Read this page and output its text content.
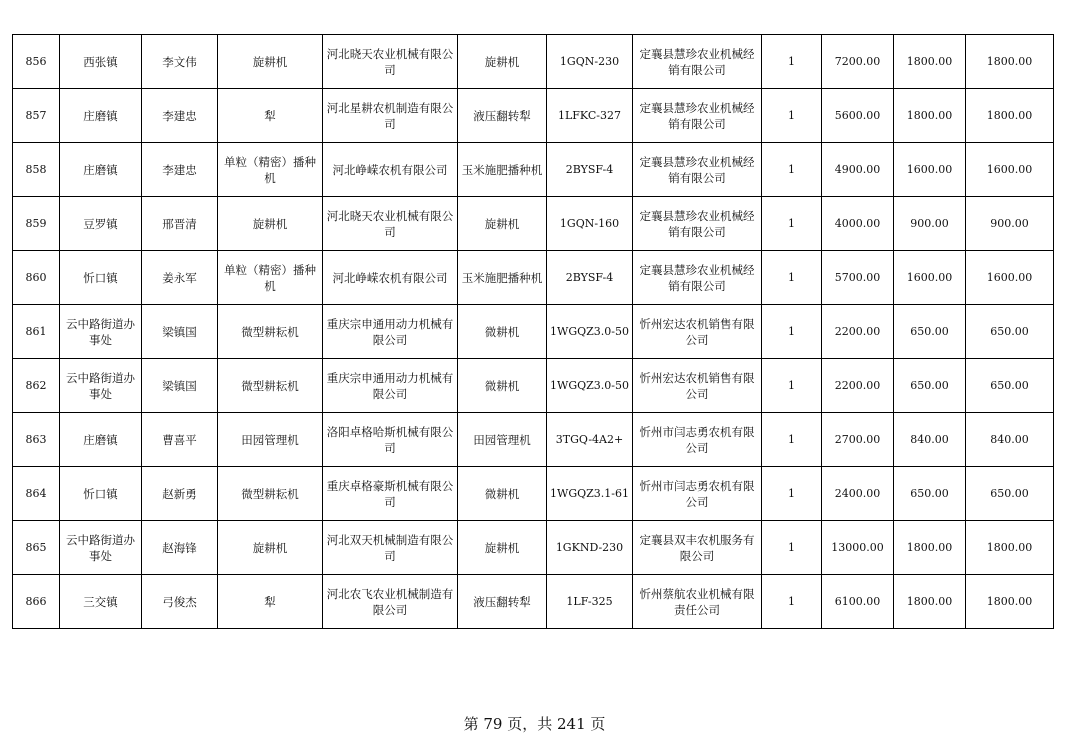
856	西张镇	李文伟	旋耕机	河北晓天农业机械有限公司	旋耕机	1GQN-230	定襄县慧珍农业机械经销有限公司	1	7200.00	1800.00	1800.00
857	庄磨镇	李建忠	犁	河北星耕农机制造有限公司	液压翻转犁	1LFKC-327	定襄县慧珍农业机械经销有限公司	1	5600.00	1800.00	1800.00
858	庄磨镇	李建忠	单粒（精密）播种机	河北峥嵘农机有限公司	玉米施肥播种机	2BYSF-4	定襄县慧珍农业机械经销有限公司	1	4900.00	1600.00	1600.00
859	豆罗镇	邢晋清	旋耕机	河北晓天农业机械有限公司	旋耕机	1GQN-160	定襄县慧珍农业机械经销有限公司	1	4000.00	900.00	900.00
860	忻口镇	姜永军	单粒（精密）播种机	河北峥嵘农机有限公司	玉米施肥播种机	2BYSF-4	定襄县慧珍农业机械经销有限公司	1	5700.00	1600.00	1600.00
861	云中路街道办事处	梁镇国	微型耕耘机	重庆宗申通用动力机械有限公司	微耕机	1WGQZ3.0-50	忻州宏达农机销售有限公司	1	2200.00	650.00	650.00
862	云中路街道办事处	梁镇国	微型耕耘机	重庆宗申通用动力机械有限公司	微耕机	1WGQZ3.0-50	忻州宏达农机销售有限公司	1	2200.00	650.00	650.00
863	庄磨镇	曹喜平	田园管理机	洛阳卓格哈斯机械有限公司	田园管理机	3TGQ-4A2+	忻州市闫志勇农机有限公司	1	2700.00	840.00	840.00
864	忻口镇	赵新勇	微型耕耘机	重庆卓格豪斯机械有限公司	微耕机	1WGQZ3.1-61	忻州市闫志勇农机有限公司	1	2400.00	650.00	650.00
865	云中路街道办事处	赵海锋	旋耕机	河北双天机械制造有限公司	旋耕机	1GKND-230	定襄县双丰农机服务有限公司	1	13000.00	1800.00	1800.00
866	三交镇	弓俊杰	犁	河北农飞农业机械制造有限公司	液压翻转犁	1LF-325	忻州蔡航农业机械有限责任公司	1	6100.00	1800.00	1800.00
第 79 页，共 241 页
